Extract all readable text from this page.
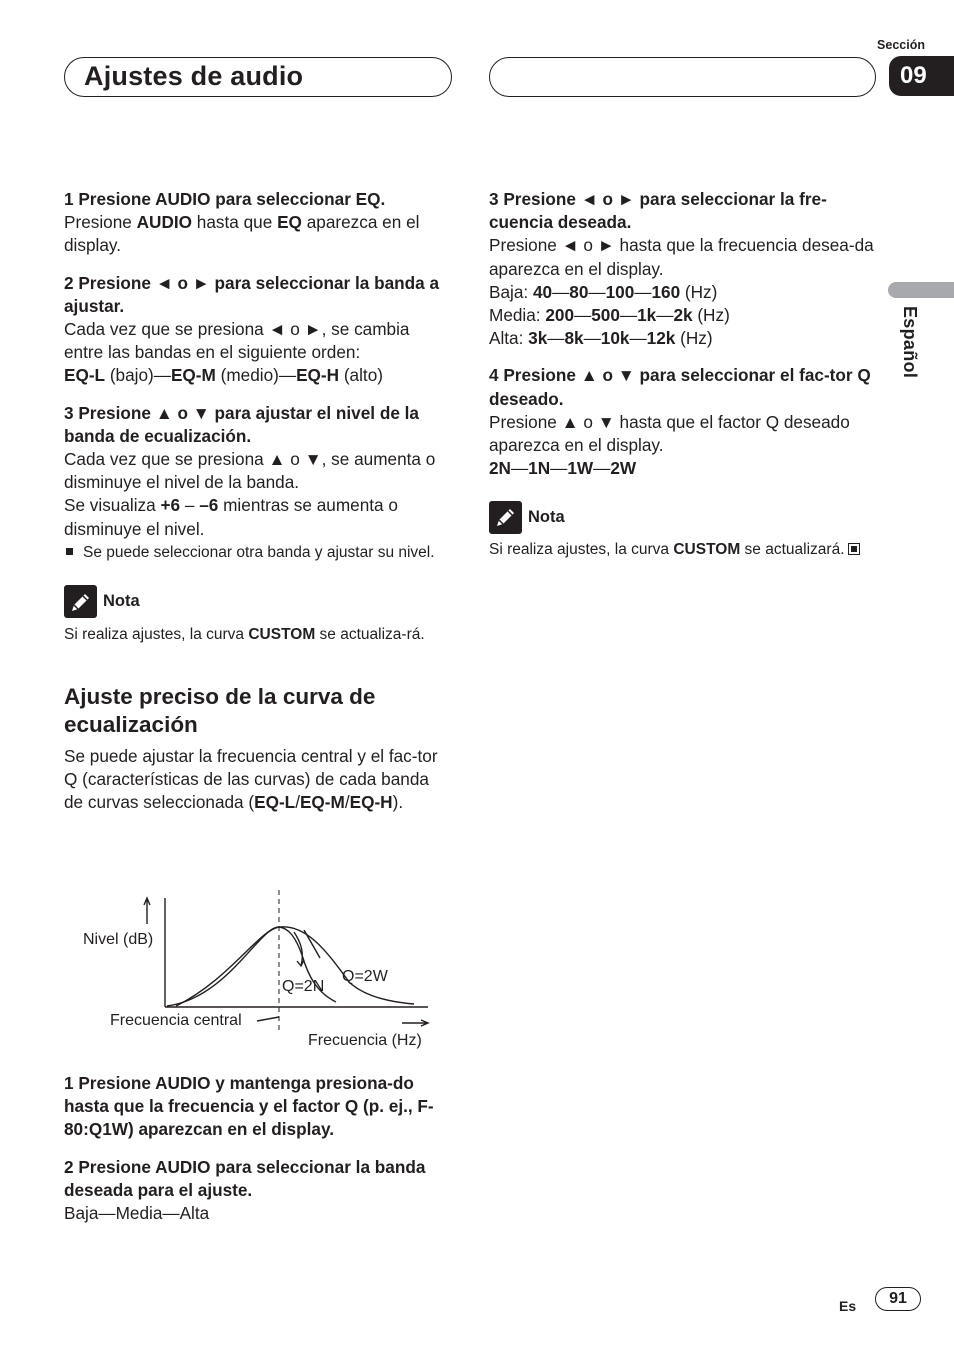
Ajustes de audio
Sección
09
Español

1 Presione AUDIO para seleccionar EQ.

Presione AUDIO hasta que EQ aparezca en el display.

2 Presione ◄ o ► para seleccionar la banda a ajustar.

Cada vez que se presiona ◄ o ►, se cambia entre las bandas en el siguiente orden:

EQ-L (bajo)—EQ-M (medio)—EQ-H (alto)

3 Presione ▲ o ▼ para ajustar el nivel de la banda de ecualización.

Cada vez que se presiona ▲ o ▼, se aumenta o disminuye el nivel de la banda.

Se visualiza +6 – –6 mientras se aumenta o disminuye el nivel.

Se puede seleccionar otra banda y ajustar su nivel.

Nota

Si realiza ajustes, la curva CUSTOM se actualiza-rá.

Ajuste preciso de la curva de ecualización

Se puede ajustar la frecuencia central y el fac-tor Q (características de las curvas) de cada banda de curvas seleccionada (EQ-L/EQ-M/EQ-H).

Nivel (dB)
Q=2N
Q=2W
Frecuencia central
Frecuencia (Hz)

1 Presione AUDIO y mantenga presiona-do hasta que la frecuencia y el factor Q (p. ej., F- 80:Q1W) aparezcan en el display.

2 Presione AUDIO para seleccionar la banda deseada para el ajuste.

Baja—Media—Alta

3 Presione ◄ o ► para seleccionar la fre-cuencia deseada.

Presione ◄ o ► hasta que la frecuencia desea-da aparezca en el display.

Baja: 40—80—100—160 (Hz)

Media: 200—500—1k—2k (Hz)

Alta: 3k—8k—10k—12k (Hz)

4 Presione ▲ o ▼ para seleccionar el fac-tor Q deseado.

Presione ▲ o ▼ hasta que el factor Q deseado aparezca en el display.

2N—1N—1W—2W

Nota

Si realiza ajustes, la curva CUSTOM se actualizará.

Es	91
